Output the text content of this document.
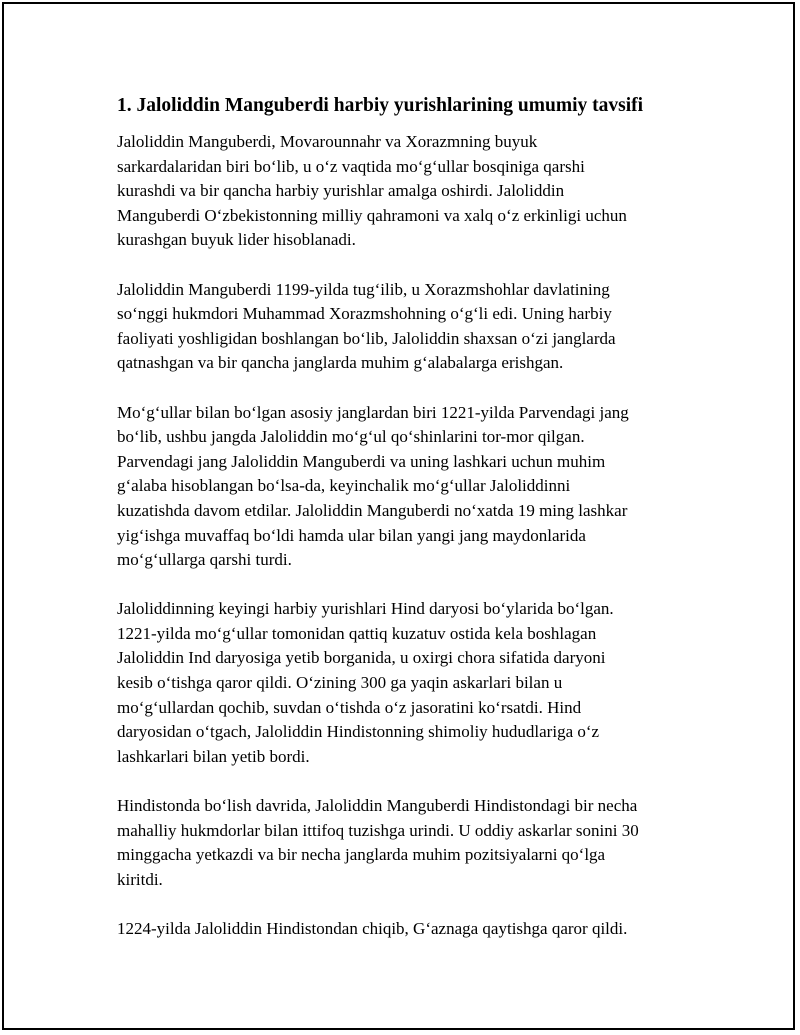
1. Jaloliddin Manguberdi harbiy yurishlarining umumiy tavsifi

Jaloliddin Manguberdi, Movarounnahr va Xorazmning buyuk
sarkardalaridan biri bo‘lib, u o‘z vaqtida mo‘g‘ullar bosqiniga qarshi
kurashdi va bir qancha harbiy yurishlar amalga oshirdi. Jaloliddin
Manguberdi O‘zbekistonning milliy qahramoni va xalq o‘z erkinligi uchun
kurashgan buyuk lider hisoblanadi.

Jaloliddin Manguberdi 1199-yilda tug‘ilib, u Xorazmshohlar davlatining
so‘nggi hukmdori Muhammad Xorazmshohning o‘g‘li edi. Uning harbiy
faoliyati yoshligidan boshlangan bo‘lib, Jaloliddin shaxsan o‘zi janglarda
qatnashgan va bir qancha janglarda muhim g‘alabalarga erishgan.

Mo‘g‘ullar bilan bo‘lgan asosiy janglardan biri 1221-yilda Parvendagi jang
bo‘lib, ushbu jangda Jaloliddin mo‘g‘ul qo‘shinlarini tor-mor qilgan.
Parvendagi jang Jaloliddin Manguberdi va uning lashkari uchun muhim
g‘alaba hisoblangan bo‘lsa-da, keyinchalik mo‘g‘ullar Jaloliddinni
kuzatishda davom etdilar. Jaloliddin Manguberdi no‘xatda 19 ming lashkar
yig‘ishga muvaffaq bo‘ldi hamda ular bilan yangi jang maydonlarida
mo‘g‘ullarga qarshi turdi.

Jaloliddinning keyingi harbiy yurishlari Hind daryosi bo‘ylarida bo‘lgan.
1221-yilda mo‘g‘ullar tomonidan qattiq kuzatuv ostida kela boshlagan
Jaloliddin Ind daryosiga yetib borganida, u oxirgi chora sifatida daryoni
kesib o‘tishga qaror qildi. O‘zining 300 ga yaqin askarlari bilan u
mo‘g‘ullardan qochib, suvdan o‘tishda o‘z jasoratini ko‘rsatdi. Hind
daryosidan o‘tgach, Jaloliddin Hindistonning shimoliy hududlariga o‘z
lashkarlari bilan yetib bordi.

Hindistonda bo‘lish davrida, Jaloliddin Manguberdi Hindistondagi bir necha
mahalliy hukmdorlar bilan ittifoq tuzishga urindi. U oddiy askarlar sonini 30
minggacha yetkazdi va bir necha janglarda muhim pozitsiyalarni qo‘lga
kiritdi.

1224-yilda Jaloliddin Hindistondan chiqib, G‘aznaga qaytishga qaror qildi.
